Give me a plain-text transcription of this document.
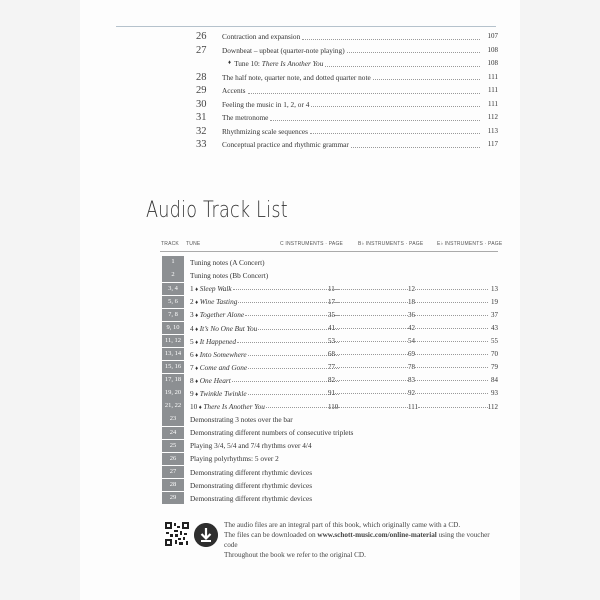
26	Contraction and expansion	107
27	Downbeat – upbeat (quarter-note playing)	108
♦ Tune 10: There Is Another You	108
28	The half note, quarter note, and dotted quarter note	111
29	Accents	111
30	Feeling the music in 1, 2, or 4	111
31	The metronome	112
32	Rhythmizing scale sequences	113
33	Conceptual practice and rhythmic grammar	117
Audio Track List
TRACK TUNE	C INSTRUMENTS · PAGE	B♭ INSTRUMENTS · PAGE	E♭ INSTRUMENTS · PAGE
1	Tuning notes (A Concert)
2	Tuning notes (Bb Concert)
3, 4	1 ♦ Sleep Walk	11	12	13
5, 6	2 ♦ Wine Tasting	17	18	19
7, 8	3 ♦ Together Alone	35	36	37
9, 10	4 ♦ It’s No One But You	41	42	43
11, 12	5 ♦ It Happened	53	54	55
13, 14	6 ♦ Into Somewhere	68	69	70
15, 16	7 ♦ Come and Gone	77	78	79
17, 18	8 ♦ One Heart	82	83	84
19, 20	9 ♦ Twinkle Twinkle	91	92	93
21, 22	10 ♦ There Is Another You	110	111	112
23	Demonstrating 3 notes over the bar
24	Demonstrating different numbers of consecutive triplets
25	Playing 3/4, 5/4 and 7/4 rhythms over 4/4
26	Playing polyrhythms: 5 over 2
27	Demonstrating different rhythmic devices
28	Demonstrating different rhythmic devices
29	Demonstrating different rhythmic devices
The audio files are an integral part of this book, which originally came with a CD.
The files can be downloaded on www.schott-music.com/online-material using the voucher code
Throughout the book we refer to the original CD.
